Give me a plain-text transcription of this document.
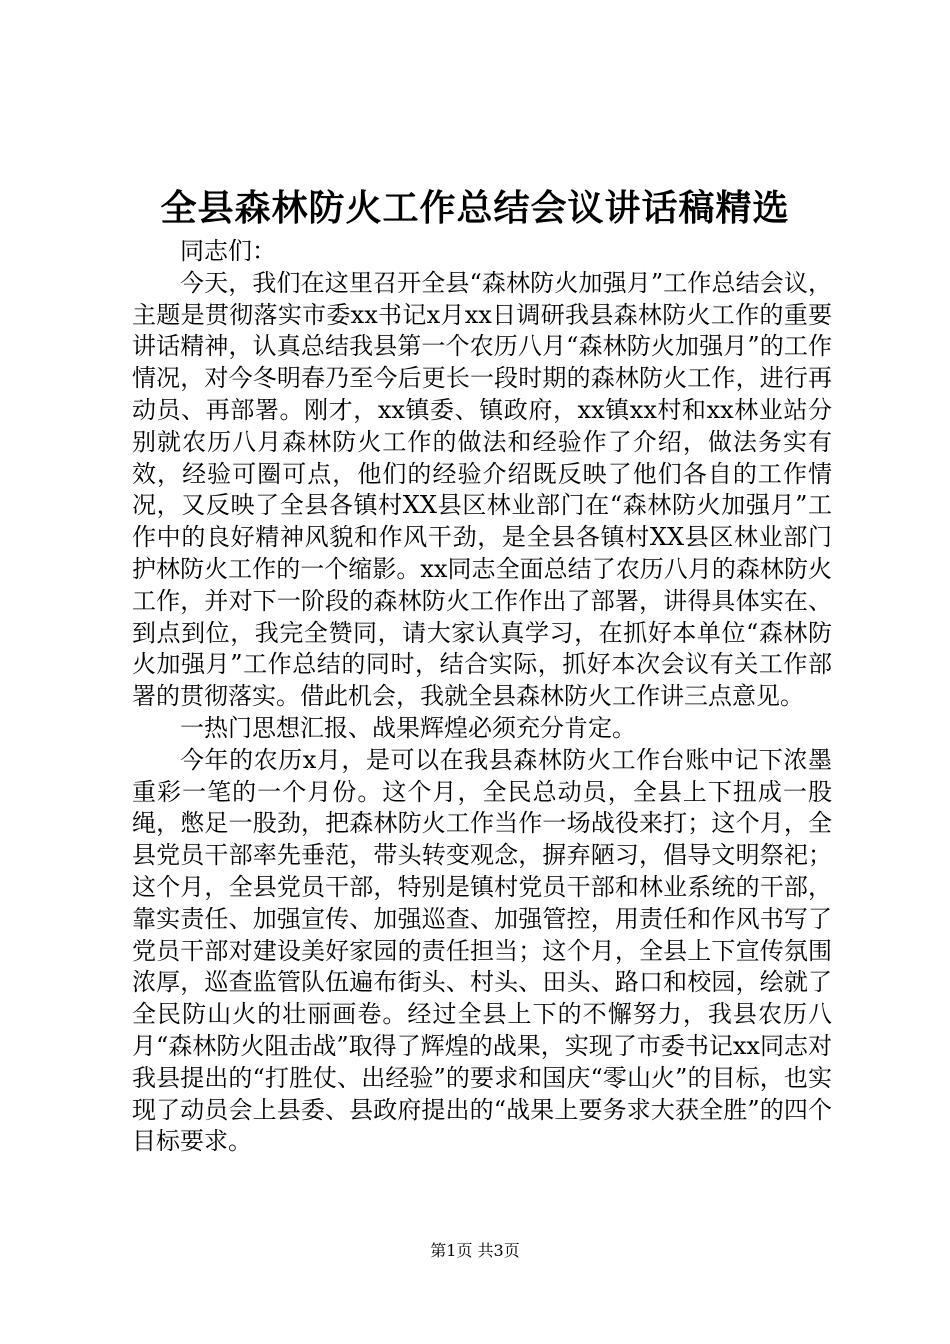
全县森林防火工作总结会议讲话稿精选

同志们：

今天，我们在这里召开全县“森林防火加强月”工作总结会议，主题是贯彻落实市委xx书记x月xx日调研我县森林防火工作的重要讲话精神，认真总结我县第一个农历八月“森林防火加强月”的工作情况，对今冬明春乃至今后更长一段时期的森林防火工作，进行再动员、再部署。刚才，xx镇委、镇政府，xx镇xx村和xx林业站分别就农历八月森林防火工作的做法和经验作了介绍，做法务实有效，经验可圈可点，他们的经验介绍既反映了他们各自的工作情况，又反映了全县各镇村XX县区林业部门在“森林防火加强月”工作中的良好精神风貌和作风干劲，是全县各镇村XX县区林业部门护林防火工作的一个缩影。xx同志全面总结了农历八月的森林防火工作，并对下一阶段的森林防火工作作出了部署，讲得具体实在、到点到位，我完全赞同，请大家认真学习，在抓好本单位“森林防火加强月”工作总结的同时，结合实际，抓好本次会议有关工作部署的贯彻落实。借此机会，我就全县森林防火工作讲三点意见。

一热门思想汇报、战果辉煌必须充分肯定。

今年的农历x月，是可以在我县森林防火工作台账中记下浓墨重彩一笔的一个月份。这个月，全民总动员，全县上下扭成一股绳，憋足一股劲，把森林防火工作当作一场战役来打；这个月，全县党员干部率先垂范，带头转变观念，摒弃陋习，倡导文明祭祀；这个月，全县党员干部，特别是镇村党员干部和林业系统的干部，靠实责任、加强宣传、加强巡查、加强管控，用责任和作风书写了党员干部对建设美好家园的责任担当；这个月，全县上下宣传氛围浓厚，巡查监管队伍遍布街头、村头、田头、路口和校园，绘就了全民防山火的壮丽画卷。经过全县上下的不懈努力，我县农历八月“森林防火阻击战”取得了辉煌的战果，实现了市委书记xx同志对我县提出的“打胜仗、出经验”的要求和国庆“零山火”的目标，也实现了动员会上县委、县政府提出的“战果上要务求大获全胜”的四个目标要求。

第1页 共3页
